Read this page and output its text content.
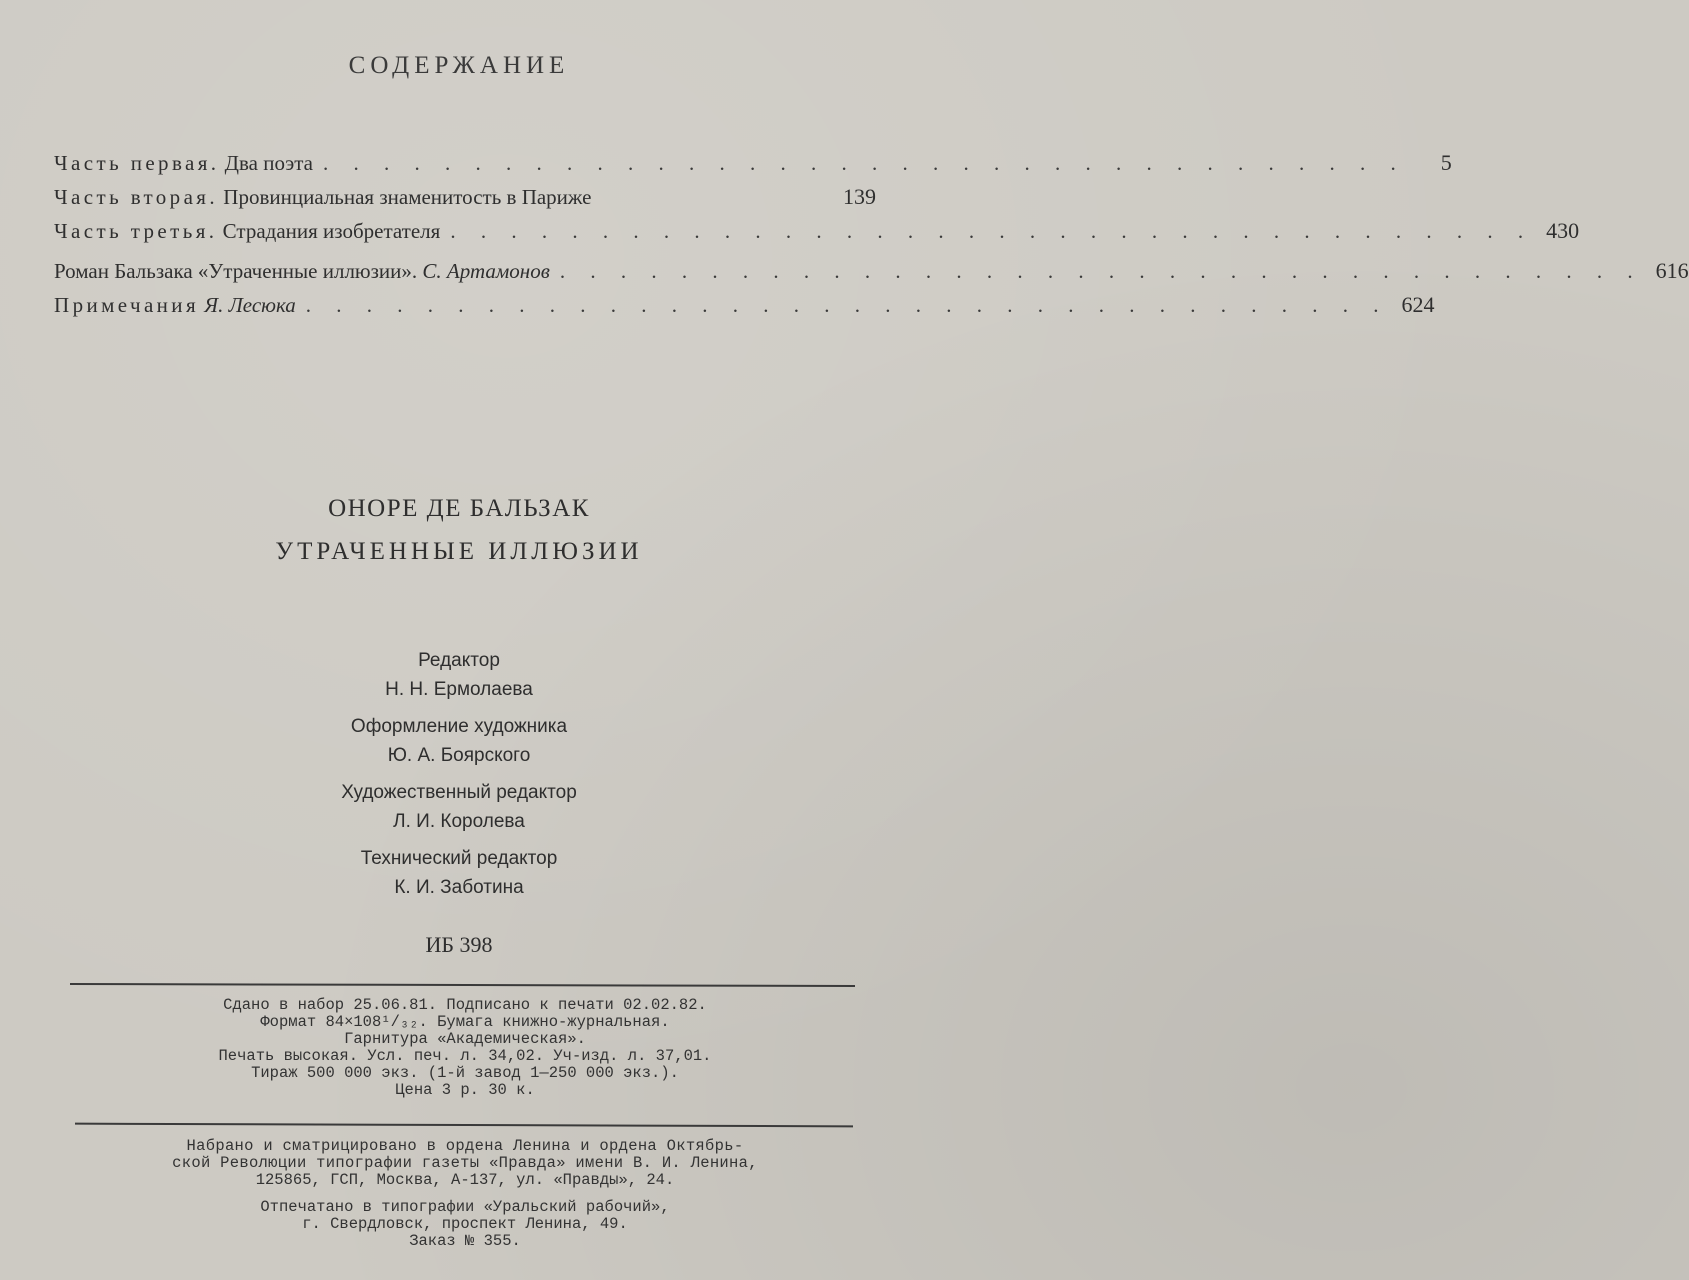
СОДЕРЖАНИЕ
Часть первая. Два поэта . . . . . . . . . . . . . . . . . . . . . . . . . . . . . . . . . . . .	5
Часть вторая. Провинциальная знаменитость в Париже	139
Часть третья. Страдания изобретателя . . . . . . . . . . . . . . . . . . . . . . . . . . . . . . . . . . . . 430
Роман Бальзака «Утраченные иллюзии». С. Артамонов . . . . . . . . . . . . . . . . . . . . . . . . . . . . . . . . . . . . 616
Примечания Я. Лесюка . . . . . . . . . . . . . . . . . . . . . . . . . . . . . . . . . . . . 624
ОНОРЕ ДЕ БАЛЬЗАК
УТРАЧЕННЫЕ ИЛЛЮЗИИ
Редактор
Н. Н. Ермолаева
Оформление художника
Ю. А. Боярского
Художественный редактор
Л. И. Королева
Технический редактор
К. И. Заботина
ИБ 398
Сдано в набор 25.06.81. Подписано к печати 02.02.82.
Формат 84×108¹/₃₂. Бумага книжно-журнальная.
Гарнитура «Академическая».
Печать высокая. Усл. печ. л. 34,02. Уч-изд. л. 37,01.
Тираж 500 000 экз. (1-й завод 1—250 000 экз.).
Цена 3 р. 30 к.
Набрано и сматрицировано в ордена Ленина и ордена Октябрь-
ской Революции типографии газеты «Правда» имени В. И. Ленина,
125865, ГСП, Москва, А-137, ул. «Правды», 24.
Отпечатано в типографии «Уральский рабочий»,
г. Свердловск, проспект Ленина, 49.
Заказ № 355.
